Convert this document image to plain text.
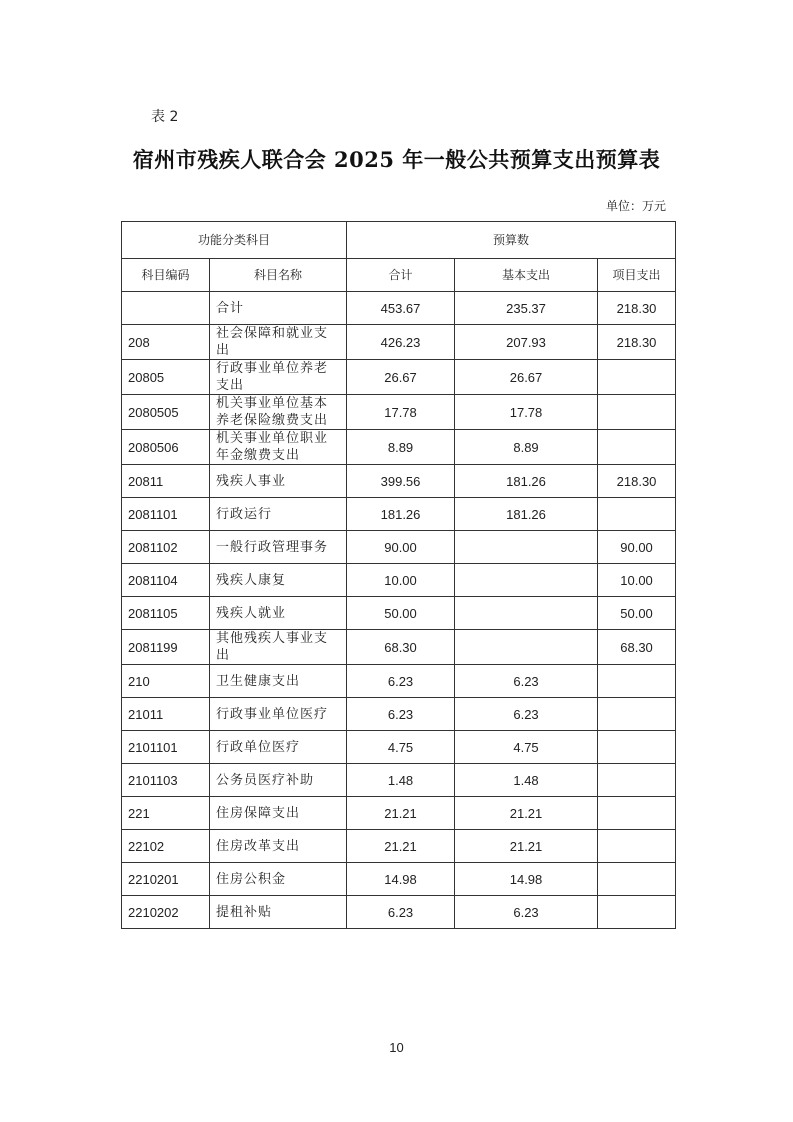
表 2
宿州市残疾人联合会 2025 年一般公共预算支出预算表
单位：万元
功能分类科目		预算数		
科目编码	科目名称	合计	基本支出	项目支出
	合计	453.67	235.37	218.30
208	社会保障和就业支出	426.23	207.93	218.30
20805	行政事业单位养老支出	26.67	26.67	
2080505	机关事业单位基本养老保险缴费支出	17.78	17.78	
2080506	机关事业单位职业年金缴费支出	8.89	8.89	
20811	残疾人事业	399.56	181.26	218.30
2081101	行政运行	181.26	181.26	
2081102	一般行政管理事务	90.00		90.00
2081104	残疾人康复	10.00		10.00
2081105	残疾人就业	50.00		50.00
2081199	其他残疾人事业支出	68.30		68.30
210	卫生健康支出	6.23	6.23	
21011	行政事业单位医疗	6.23	6.23	
2101101	行政单位医疗	4.75	4.75	
2101103	公务员医疗补助	1.48	1.48	
221	住房保障支出	21.21	21.21	
22102	住房改革支出	21.21	21.21	
2210201	住房公积金	14.98	14.98	
2210202	提租补贴	6.23	6.23	
10
